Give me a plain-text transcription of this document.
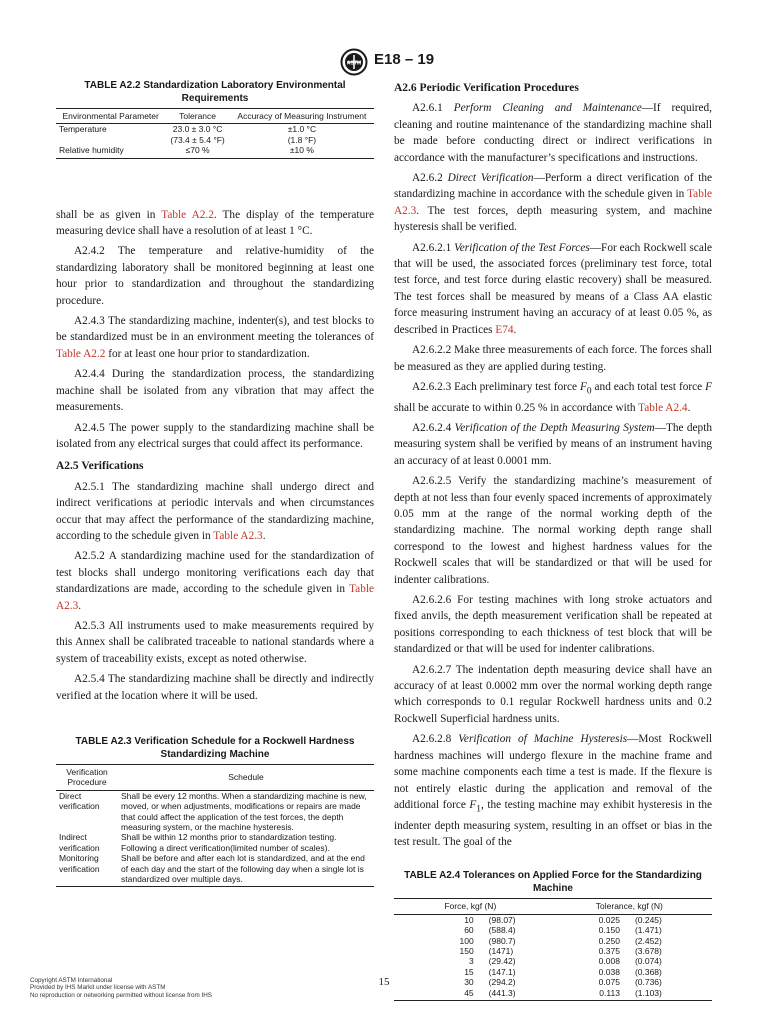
ASTM E18 – 19
TABLE A2.2 Standardization Laboratory Environmental Requirements
Environmental Parameter	Tolerance	Accuracy of Measuring Instrument
Temperature	23.0 ± 3.0 °C	±1.0 °C
	(73.4 ± 5.4 °F)	(1.8 °F)
Relative humidity	≤70 %	±10 %

shall be as given in Table A2.2. The display of the temperature measuring device shall have a resolution of at least 1 °C.

A2.4.2 The temperature and relative-humidity of the standardizing laboratory shall be monitored beginning at least one hour prior to standardization and throughout the standardizing procedure.

A2.4.3 The standardizing machine, indenter(s), and test blocks to be standardized must be in an environment meeting the tolerances of Table A2.2 for at least one hour prior to standardization.

A2.4.4 During the standardization process, the standardizing machine shall be isolated from any vibration that may affect the measurements.

A2.4.5 The power supply to the standardizing machine shall be isolated from any electrical surges that could affect its performance.

A2.5 Verifications

A2.5.1 The standardizing machine shall undergo direct and indirect verifications at periodic intervals and when circumstances occur that may affect the performance of the standardizing machine, according to the schedule given in Table A2.3.

A2.5.2 A standardizing machine used for the standardization of test blocks shall undergo monitoring verifications each day that standardizations are made, according to the schedule given in Table A2.3.

A2.5.3 All instruments used to make measurements required by this Annex shall be calibrated traceable to national standards where a system of traceability exists, except as noted otherwise.

A2.5.4 The standardizing machine shall be directly and indirectly verified at the location where it will be used.

TABLE A2.3 Verification Schedule for a Rockwell Hardness Standardizing Machine
Verification Procedure	Schedule
Direct verification	Shall be every 12 months. When a standardizing machine is new, moved, or when adjustments, modifications or repairs are made that could affect the application of the test forces, the depth measuring system, or the machine hysteresis.
Indirect verification	Shall be within 12 months prior to standardization testing. Following a direct verification(limited number of scales).
Monitoring verification	Shall be before and after each lot is standardized, and at the end of each day and the start of the following day when a single lot is standardized over multiple days.
A2.6 Periodic Verification Procedures

A2.6.1 Perform Cleaning and Maintenance—If required, cleaning and routine maintenance of the standardizing machine shall be made before conducting direct or indirect verifications in accordance with the manufacturer’s specifications and instructions.

A2.6.2 Direct Verification—Perform a direct verification of the standardizing machine in accordance with the schedule given in Table A2.3. The test forces, depth measuring system, and machine hysteresis shall be verified.

A2.6.2.1 Verification of the Test Forces—For each Rockwell scale that will be used, the associated forces (preliminary test force, total test force, and test force during elastic recovery) shall be measured. The test forces shall be measured by means of a Class AA elastic force measuring instrument having an accuracy of at least 0.05 %, as described in Practices E74.

A2.6.2.2 Make three measurements of each force. The forces shall be measured as they are applied during testing.

A2.6.2.3 Each preliminary test force $F_0$ and each total test force F shall be accurate to within 0.25 % in accordance with Table A2.4.

A2.6.2.4 Verification of the Depth Measuring System—The depth measuring system shall be verified by means of an instrument having an accuracy of at least 0.0001 mm.

A2.6.2.5 Verify the standardizing machine’s measurement of depth at not less than four evenly spaced increments of approximately 0.05 mm at the range of the normal working depth of the standardizing machine. The normal working depth range shall correspond to the lowest and highest hardness values for the Rockwell scales that will be standardized or that will be used for indenter calibrations.

A2.6.2.6 For testing machines with long stroke actuators and fixed anvils, the depth measurement verification shall be repeated at positions corresponding to each thickness of test block that will be standardized or that will be used for indenter calibrations.

A2.6.2.7 The indentation depth measuring device shall have an accuracy of at least 0.0002 mm over the normal working depth range which corresponds to 0.1 regular Rockwell hardness units and 0.2 Rockwell Superficial hardness units.

A2.6.2.8 Verification of Machine Hysteresis—Most Rockwell hardness machines will undergo flexure in the machine frame and some machine components each time a test is made. If the flexure is not entirely elastic during the application and removal of the additional force $F_1$, the testing machine may exhibit hysteresis in the indenter depth measuring system, resulting in an offset or bias in the test result. The goal of the

TABLE A2.4 Tolerances on Applied Force for the Standardizing Machine
Force, kgf (N)		Tolerance, kgf (N)	
10	(98.07)	0.025	(0.245)
60	(588.4)	0.150	(1.471)
100	(980.7)	0.250	(2.452)
150	(1471)	0.375	(3.678)
3	(29.42)	0.008	(0.074)
15	(147.1)	0.038	(0.368)
30	(294.2)	0.075	(0.736)
45	(441.3)	0.113	(1.103)
Copyright ASTM International
Provided by IHS Markit under license with ASTM
No reproduction or networking permitted without license from IHS
15
